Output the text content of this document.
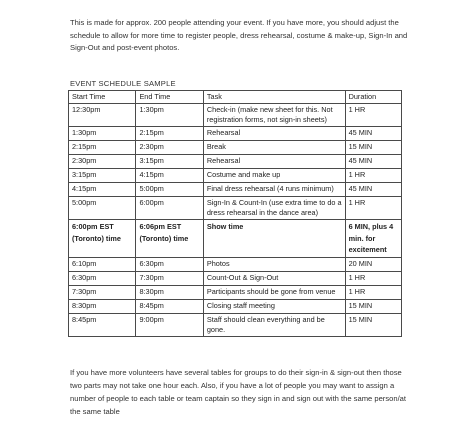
This is made for approx. 200 people attending your event. If you have more, you should adjust the schedule to allow for more time to register people, dress rehearsal, costume & make-up, Sign-In and Sign-Out and post-event photos.
EVENT SCHEDULE SAMPLE
Start Time	End Time	Task	Duration
12:30pm	1:30pm	Check-in (make new sheet for this. Not registration forms, not sign-in sheets)	1 HR
1:30pm	2:15pm	Rehearsal	45 MIN
2:15pm	2:30pm	Break	15 MIN
2:30pm	3:15pm	Rehearsal	45 MIN
3:15pm	4:15pm	Costume and make up	1 HR
4:15pm	5:00pm	Final dress rehearsal (4 runs minimum)	45 MIN
5:00pm	6:00pm	Sign-In & Count-In (use extra time to do a dress rehearsal in the dance area)	1 HR
6:00pm EST (Toronto) time	6:06pm EST (Toronto) time	Show time	6 MIN, plus 4 min. for excitement
6:10pm	6:30pm	Photos	20 MIN
6:30pm	7:30pm	Count-Out & Sign-Out	1 HR
7:30pm	8:30pm	Participants should be gone from venue	1 HR
8:30pm	8:45pm	Closing staff meeting	15 MIN
8:45pm	9:00pm	Staff should clean everything and be gone.	15 MIN
If you have more volunteers have several tables for groups to do their sign-in & sign-out then those two parts may not take one hour each. Also, if you have a lot of people you may want to assign a number of people to each table or team captain so they sign in and sign out with the same person/at the same table
